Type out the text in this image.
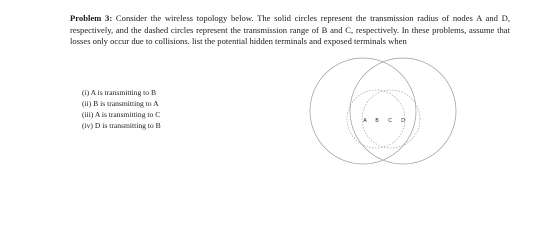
Problem 3: Consider the wireless topology below. The solid circles represent the transmission radius of nodes A and D, respectively, and the dashed circles represent the transmission range of B and C, respectively. In these problems, assume that losses only occur due to collisions. list the potential hidden terminals and exposed terminals when

(i) A is transmitting to B
(ii) B is transmitting to A
(iii) A is transmitting to C
(iv) D is transmitting to B	A B C D
